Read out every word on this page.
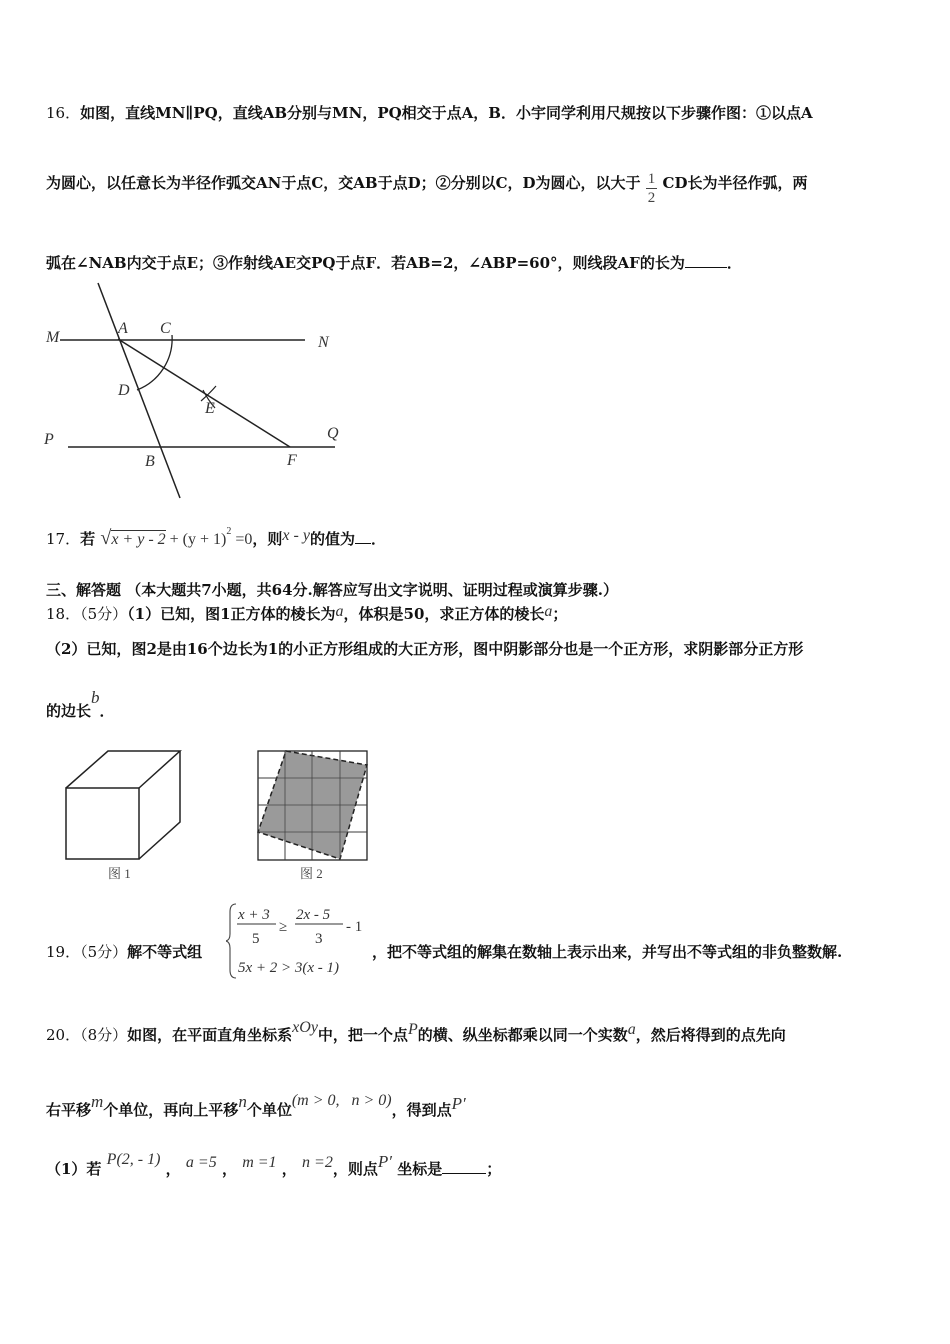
16．如图，直线MN∥PQ，直线AB分别与MN，PQ相交于点A，B．小宇同学利用尺规按以下步骤作图：①以点A
为圆心，以任意长为半径作弧交AN于点C，交AB于点D；②分别以C，D为圆心，以大于 $\frac{1}{2}$ CD长为半径作弧，两
弧在∠NAB内交于点E；③作射线AE交PQ于点F．若AB=2，∠ABP=60°，则线段AF的长为	．
M
A C
N
D
E
P	Q
B	F
17．若 $√x + y - 2 + (y + 1)^2 =0$，则x - y的值为 ．
三、解答题 （本大题共7小题，共64分.解答应写出文字说明、证明过程或演算步骤.）
18．（5分）（1）已知，图1正方体的棱长为a，体积是50，求正方体的棱长a；
（2）已知，图2是由16个边长为1的小正方形组成的大正方形，图中阴影部分也是一个正方形，求阴影部分正方形
的边长b．
图 1	图 2
19．（5分）解不等式组
x + 3
5
≥
2x - 5
3
- 1
5x + 2 > 3(x - 1)
，把不等式组的解集在数轴上表示出来，并写出不等式组的非负整数解.
20．（8分）如图，在平面直角坐标系xOy中，把一个点P的横、纵坐标都乘以同一个实数a，然后将得到的点先向
右平移m个单位，再向上平移n个单位(m > 0,   n > 0)，得到点P′
（1）若 P(2, - 1) ， a =5 ， m =1 ， n =2，则点P′ 坐标是	；
